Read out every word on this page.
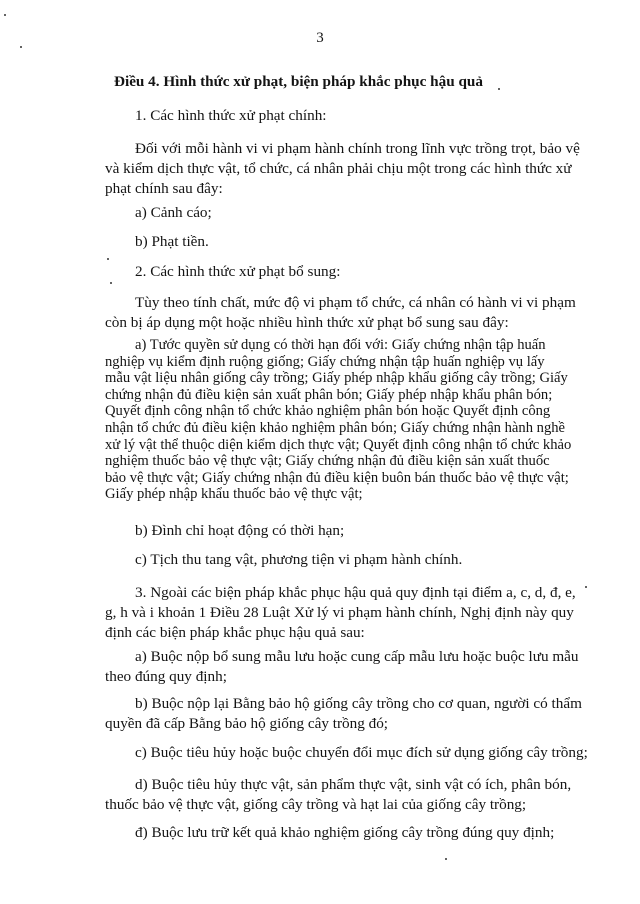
3
Điều 4. Hình thức xử phạt, biện pháp khắc phục hậu quả
1. Các hình thức xử phạt chính:
Đối với mỗi hành vi vi phạm hành chính trong lĩnh vực trồng trọt, bảo vệ
và kiểm dịch thực vật, tổ chức, cá nhân phải chịu một trong các hình thức xử
phạt chính sau đây:
a) Cảnh cáo;
b) Phạt tiền.
2. Các hình thức xử phạt bổ sung:
Tùy theo tính chất, mức độ vi phạm tổ chức, cá nhân có hành vi vi phạm
còn bị áp dụng một hoặc nhiều hình thức xử phạt bổ sung sau đây:
a) Tước quyền sử dụng có thời hạn đối với: Giấy chứng nhận tập huấn
nghiệp vụ kiểm định ruộng giống; Giấy chứng nhận tập huấn nghiệp vụ lấy
mẫu vật liệu nhân giống cây trồng; Giấy phép nhập khẩu giống cây trồng; Giấy
chứng nhận đủ điều kiện sản xuất phân bón; Giấy phép nhập khẩu phân bón;
Quyết định công nhận tổ chức khảo nghiệm phân bón hoặc Quyết định công
nhận tổ chức đủ điều kiện khảo nghiệm phân bón; Giấy chứng nhận hành nghề
xử lý vật thể thuộc diện kiểm dịch thực vật; Quyết định công nhận tổ chức khảo
nghiệm thuốc bảo vệ thực vật; Giấy chứng nhận đủ điều kiện sản xuất thuốc
bảo vệ thực vật; Giấy chứng nhận đủ điều kiện buôn bán thuốc bảo vệ thực vật;
Giấy phép nhập khẩu thuốc bảo vệ thực vật;
b) Đình chỉ hoạt động có thời hạn;
c) Tịch thu tang vật, phương tiện vi phạm hành chính.
3. Ngoài các biện pháp khắc phục hậu quả quy định tại điểm a, c, d, đ, e,
g, h và i khoản 1 Điều 28 Luật Xử lý vi phạm hành chính, Nghị định này quy
định các biện pháp khắc phục hậu quả sau:
a) Buộc nộp bổ sung mẫu lưu hoặc cung cấp mẫu lưu hoặc buộc lưu mẫu
theo đúng quy định;
b) Buộc nộp lại Bằng bảo hộ giống cây trồng cho cơ quan, người có thẩm
quyền đã cấp Bằng bảo hộ giống cây trồng đó;
c) Buộc tiêu hủy hoặc buộc chuyển đổi mục đích sử dụng giống cây trồng;
d) Buộc tiêu hủy thực vật, sản phẩm thực vật, sinh vật có ích, phân bón,
thuốc bảo vệ thực vật, giống cây trồng và hạt lai của giống cây trồng;
đ) Buộc lưu trữ kết quả khảo nghiệm giống cây trồng đúng quy định;
